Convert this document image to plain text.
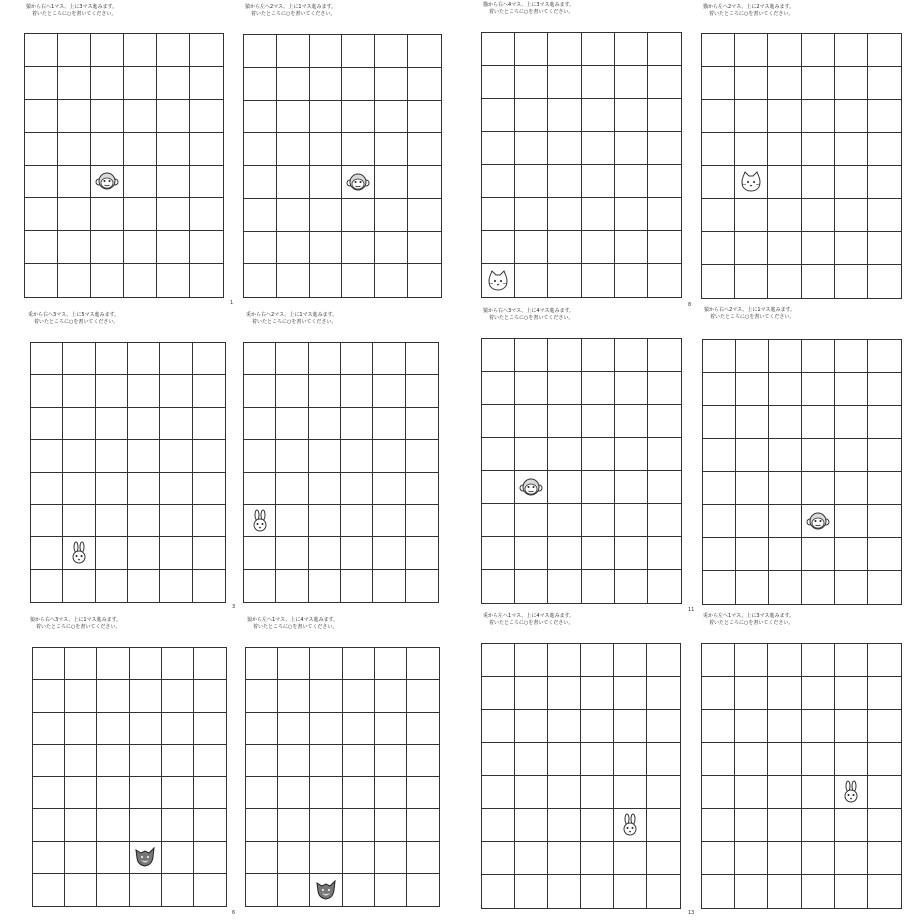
猿から右へ1マス、上に3マス進みます。
着いたところに○を書いてください。
1
猿から左へ2マス、上に1マス進みます。
着いたところに○を書いてください。
猫から右へ4マス、上に3マス進みます。
着いたところに○を書いてください。
猫から左へ2マス、上に2マス進みます。
着いたところに○を書いてください。
8
兎から右へ3マス、上に5マス進みます。
着いたところに○を書いてください。
3
兎から右へ2マス、上に1マス進みます。
着いたところに○を書いてください。
猿から右へ3マス、上に4マス進みます。
着いたところに○を書いてください。
猿から右へ2マス、上に1マス進みます。
着いたところに○を書いてください。
11
狼から右へ3マス、上に1マス進みます。
着いたところに○を書いてください。
6
狼から左へ1マス、上に4マス進みます。
着いたところに○を書いてください。
兎から左へ1マス、上に4マス進みます。
着いたところに○を書いてください。
13
兎から左へ1マス、上に3マス進みます。
着いたところに○を書いてください。
